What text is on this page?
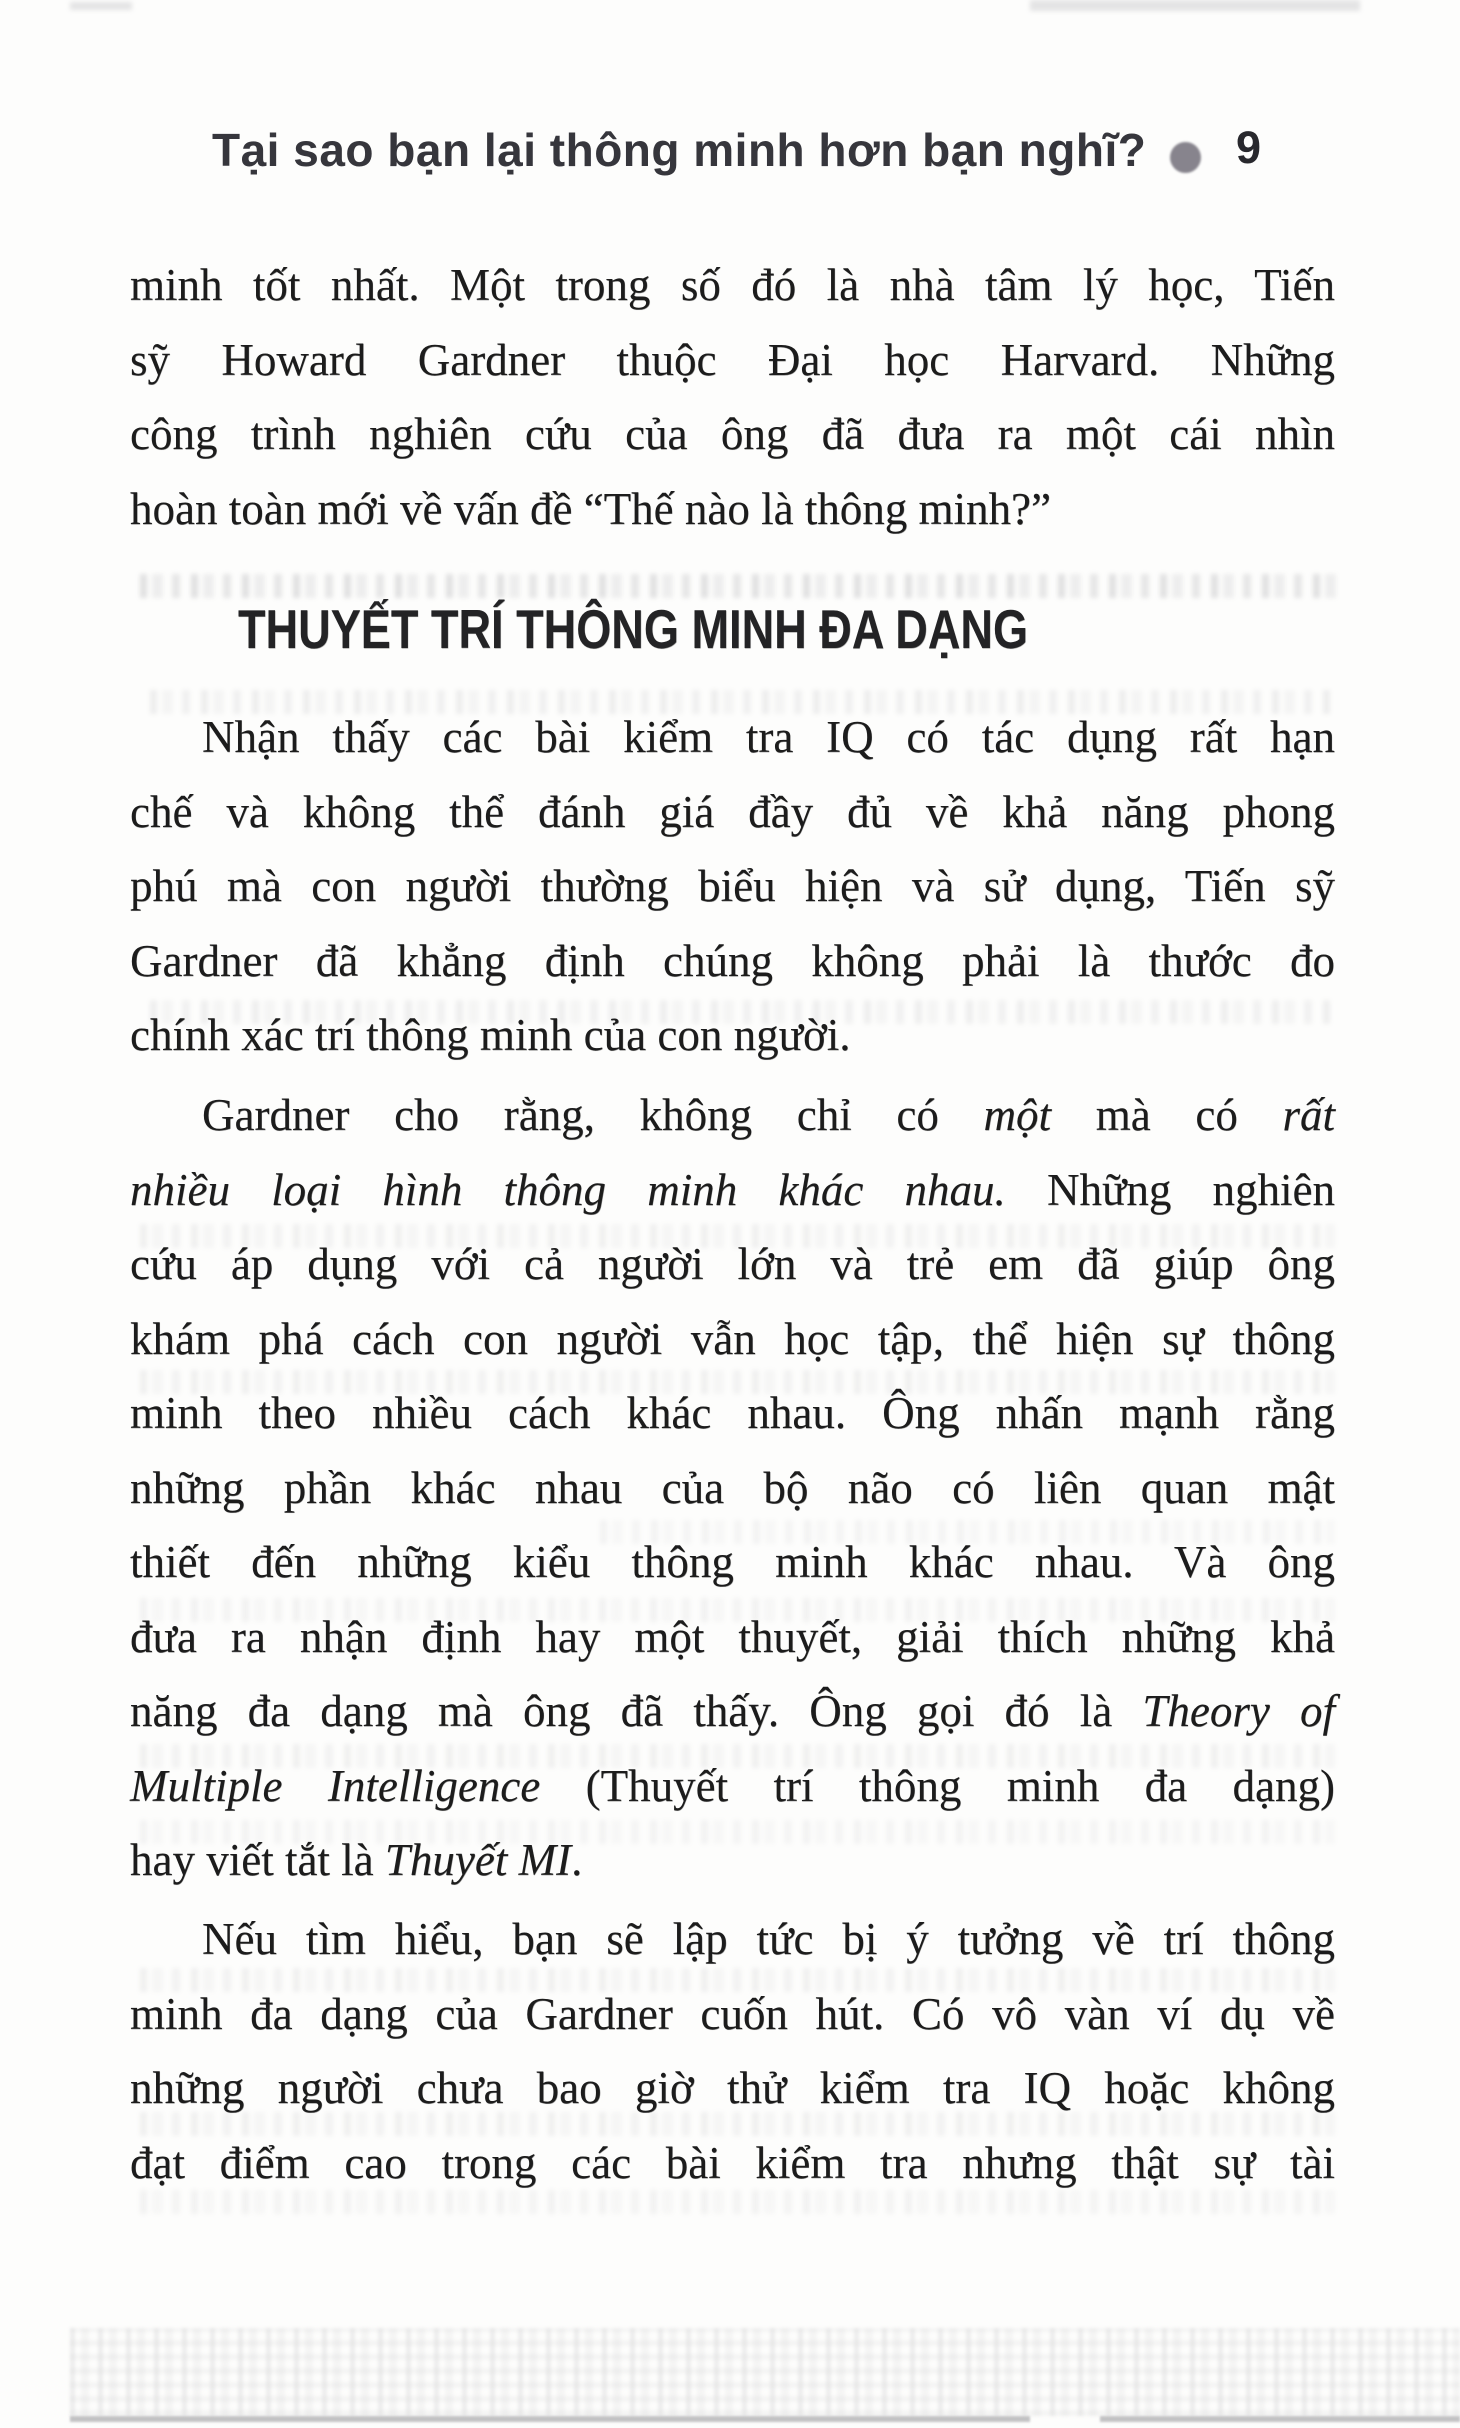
Tại sao bạn lại thông minh hơn bạn nghĩ? 9
THUYẾT TRÍ THÔNG MINH ĐA DẠNG
minh tốt nhất. Một trong số đó là nhà tâm lý học, Tiến
sỹ Howard Gardner thuộc Đại học Harvard. Những
công trình nghiên cứu của ông đã đưa ra một cái nhìn
hoàn toàn mới về vấn đề “Thế nào là thông minh?”
Nhận thấy các bài kiểm tra IQ có tác dụng rất hạn
chế và không thể đánh giá đầy đủ về khả năng phong
phú mà con người thường biểu hiện và sử dụng, Tiến sỹ
Gardner đã khẳng định chúng không phải là thước đo
chính xác trí thông minh của con người.
Gardner cho rằng, không chỉ có một mà có rất
nhiều loại hình thông minh khác nhau. Những nghiên
cứu áp dụng với cả người lớn và trẻ em đã giúp ông
khám phá cách con người vẫn học tập, thể hiện sự thông
minh theo nhiều cách khác nhau. Ông nhấn mạnh rằng
những phần khác nhau của bộ não có liên quan mật
thiết đến những kiểu thông minh khác nhau. Và ông
đưa ra nhận định hay một thuyết, giải thích những khả
năng đa dạng mà ông đã thấy. Ông gọi đó là Theory of
Multiple Intelligence (Thuyết trí thông minh đa dạng)
hay viết tắt là Thuyết MI.
Nếu tìm hiểu, bạn sẽ lập tức bị ý tưởng về trí thông
minh đa dạng của Gardner cuốn hút. Có vô vàn ví dụ về
những người chưa bao giờ thử kiểm tra IQ hoặc không
đạt điểm cao trong các bài kiểm tra nhưng thật sự tài
